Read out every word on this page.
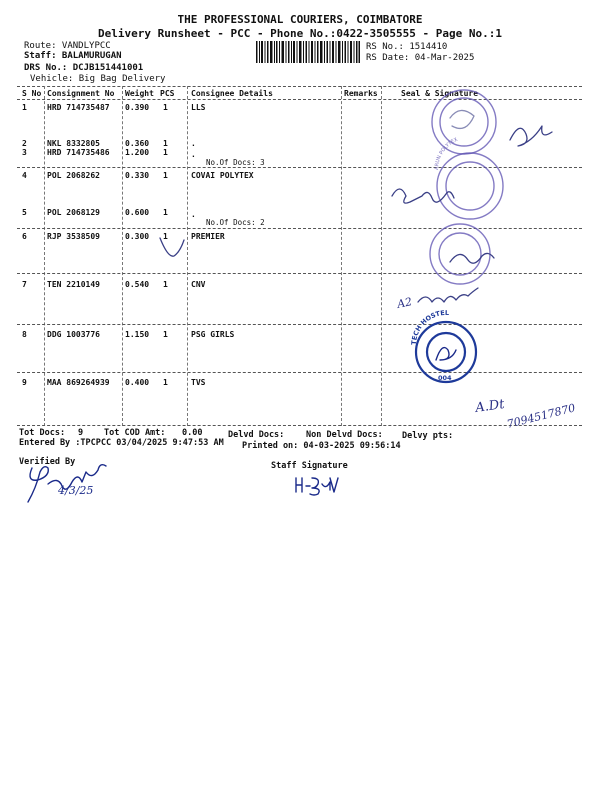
THE PROFESSIONAL COURIERS, COIMBATORE
Delivery Runsheet - PCC - Phone No.:0422-3505555 - Page No.:1
Route: VANDLYPCC
Staff: BALAMURUGAN
DRS No.: DCJB151441001
Vehicle: Big Bag Delivery
RS No.: 1514410
RS Date: 04-Mar-2025
S No Consignment No Weight PCS Consignee Details	Remarks	Seal & Signature
1	HRD 714735487 0.390 1	LLS
2	NKL 8332805	0.360 1	.
3	HRD 714735486 1.200 1	.
No.Of Docs: 3
4	POL 2068262	0.330 1	COVAI POLYTEX
5	POL 2068129	0.600 1	.
No.Of Docs: 2
6	RJP 3538509	0.300 1	PREMIER
7	TEN 2210149	0.540 1	CNV
8	DDG 1003776	1.150 1	PSG GIRLS
9	MAA 869264939 0.400 1	TVS
Tot Docs: 9 Tot COD Amt: 0.00	Delvd Docs:	Non Delvd Docs: Delvy pts:
Entered By :TPCPCC 03/04/2025 9:47:53 AM Printed on: 04-03-2025 09:56:14
Verified By	Staff Signature
ARUN POLYTEX
A2
TECH HOSTEL
004
A.Dt 7094517870
4/3/25
